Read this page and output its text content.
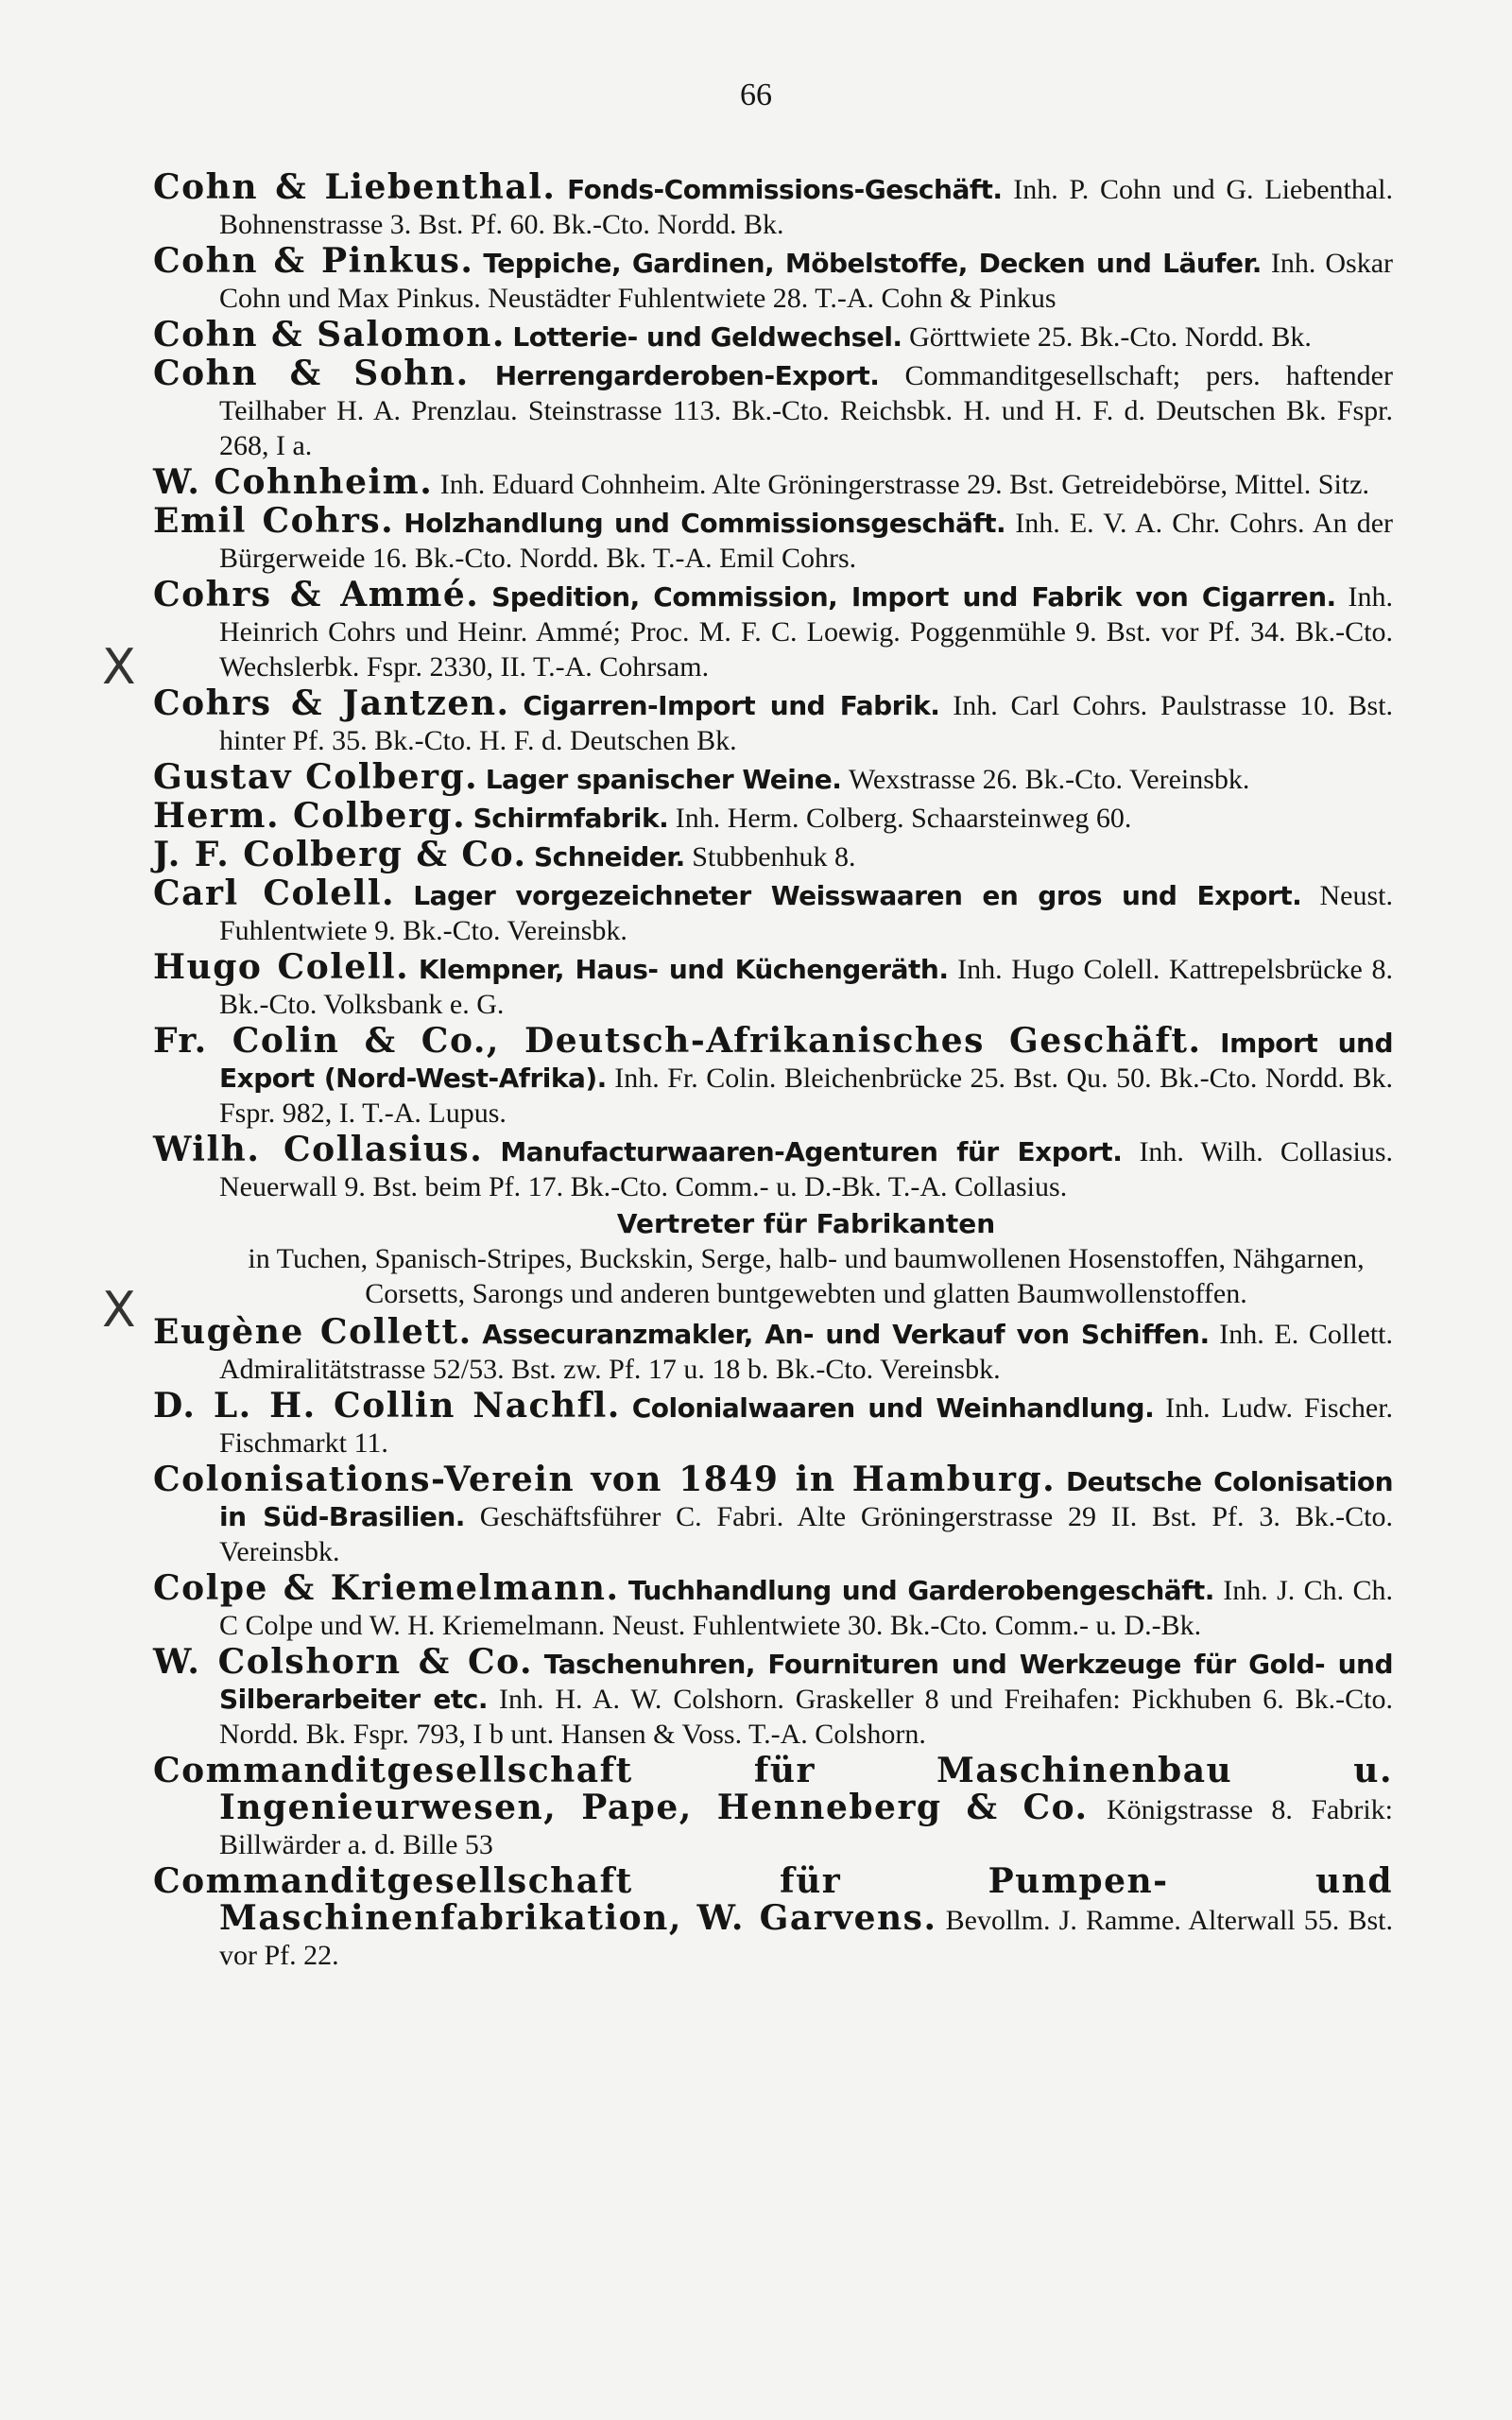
66
X
X

Cohn & Liebenthal. Fonds-Commissions-Geschäft. Inh. P. Cohn und G. Liebenthal. Bohnenstrasse 3. Bst. Pf. 60. Bk.-Cto. Nordd. Bk.

Cohn & Pinkus. Teppiche, Gardinen, Möbelstoffe, Decken und Läufer. Inh. Oskar Cohn und Max Pinkus. Neustädter Fuhlentwiete 28. T.-A. Cohn & Pinkus

Cohn & Salomon. Lotterie- und Geldwechsel. Görttwiete 25. Bk.-Cto. Nordd. Bk.

Cohn & Sohn. Herrengarderoben-Export. Commanditgesellschaft; pers. haftender Teilhaber H. A. Prenzlau. Steinstrasse 113. Bk.-Cto. Reichsbk. H. und H. F. d. Deutschen Bk. Fspr. 268, I a.

W. Cohnheim. Inh. Eduard Cohnheim. Alte Gröningerstrasse 29. Bst. Getreidebörse, Mittel. Sitz.

Emil Cohrs. Holzhandlung und Commissionsgeschäft. Inh. E. V. A. Chr. Cohrs. An der Bürgerweide 16. Bk.-Cto. Nordd. Bk. T.-A. Emil Cohrs.

Cohrs & Ammé. Spedition, Commission, Import und Fabrik von Cigarren. Inh. Heinrich Cohrs und Heinr. Ammé; Proc. M. F. C. Loewig. Poggenmühle 9. Bst. vor Pf. 34. Bk.-Cto. Wechslerbk. Fspr. 2330, II. T.-A. Cohrsam.

Cohrs & Jantzen. Cigarren-Import und Fabrik. Inh. Carl Cohrs. Paulstrasse 10. Bst. hinter Pf. 35. Bk.-Cto. H. F. d. Deutschen Bk.

Gustav Colberg. Lager spanischer Weine. Wexstrasse 26. Bk.-Cto. Vereinsbk.

Herm. Colberg. Schirmfabrik. Inh. Herm. Colberg. Schaarsteinweg 60.

J. F. Colberg & Co. Schneider. Stubbenhuk 8.

Carl Colell. Lager vorgezeichneter Weisswaaren en gros und Export. Neust. Fuhlentwiete 9. Bk.-Cto. Vereinsbk.

Hugo Colell. Klempner, Haus- und Küchengeräth. Inh. Hugo Colell. Kattrepelsbrücke 8. Bk.-Cto. Volksbank e. G.

Fr. Colin & Co., Deutsch-Afrikanisches Geschäft. Import und Export (Nord-West-Afrika). Inh. Fr. Colin. Bleichenbrücke 25. Bst. Qu. 50. Bk.-Cto. Nordd. Bk. Fspr. 982, I. T.-A. Lupus.

Wilh. Collasius. Manufacturwaaren-Agenturen für Export. Inh. Wilh. Collasius. Neuerwall 9. Bst. beim Pf. 17. Bk.-Cto. Comm.- u. D.-Bk. T.-A. Collasius.

Vertreter für Fabrikanten
in Tuchen, Spanisch-Stripes, Buckskin, Serge, halb- und baumwollenen Hosenstoffen, Nähgarnen, Corsetts, Sarongs und anderen buntgewebten und glatten Baumwollenstoffen.

Eugène Collett. Assecuranzmakler, An- und Verkauf von Schiffen. Inh. E. Collett. Admiralitätstrasse 52/53. Bst. zw. Pf. 17 u. 18 b. Bk.-Cto. Vereinsbk.

D. L. H. Collin Nachfl. Colonialwaaren und Weinhandlung. Inh. Ludw. Fischer. Fischmarkt 11.

Colonisations-Verein von 1849 in Hamburg. Deutsche Colonisation in Süd-Brasilien. Geschäftsführer C. Fabri. Alte Gröningerstrasse 29 II. Bst. Pf. 3. Bk.-Cto. Vereinsbk.

Colpe & Kriemelmann. Tuchhandlung und Garderobengeschäft. Inh. J. Ch. Ch. C Colpe und W. H. Kriemelmann. Neust. Fuhlentwiete 30. Bk.-Cto. Comm.- u. D.-Bk.

W. Colshorn & Co. Taschenuhren, Fournituren und Werkzeuge für Gold- und Silberarbeiter etc. Inh. H. A. W. Colshorn. Graskeller 8 und Freihafen: Pickhuben 6. Bk.-Cto. Nordd. Bk. Fspr. 793, I b unt. Hansen & Voss. T.-A. Colshorn.

Commanditgesellschaft für Maschinenbau u. Ingenieurwesen, Pape, Henneberg & Co. Königstrasse 8. Fabrik: Billwärder a. d. Bille 53

Commanditgesellschaft für Pumpen- und Maschinenfabrikation, W. Garvens. Bevollm. J. Ramme. Alterwall 55. Bst. vor Pf. 22.
